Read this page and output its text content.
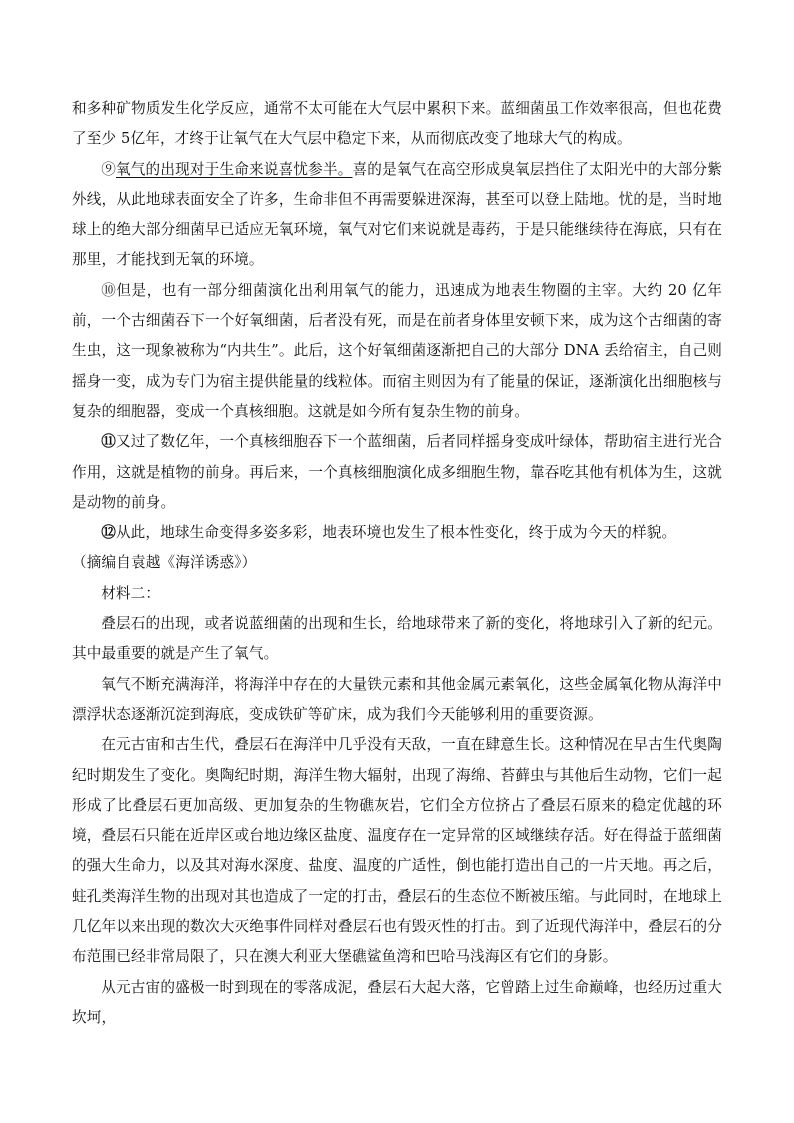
和多种矿物质发生化学反应，通常不太可能在大气层中累积下来。蓝细菌虽工作效率很高，但也花费了至少 5亿年，才终于让氧气在大气层中稳定下来，从而彻底改变了地球大气的构成。

⑨氧气的出现对于生命来说喜忧参半。喜的是氧气在高空形成臭氧层挡住了太阳光中的大部分紫外线，从此地球表面安全了许多，生命非但不再需要躲进深海，甚至可以登上陆地。忧的是，当时地球上的绝大部分细菌早已适应无氧环境，氧气对它们来说就是毒药，于是只能继续待在海底，只有在那里，才能找到无氧的环境。

⑩但是，也有一部分细菌演化出利用氧气的能力，迅速成为地表生物圈的主宰。大约 20 亿年前，一个古细菌吞下一个好氧细菌，后者没有死，而是在前者身体里安顿下来，成为这个古细菌的寄生虫，这一现象被称为“内共生”。此后，这个好氧细菌逐渐把自己的大部分 DNA 丢给宿主，自己则摇身一变，成为专门为宿主提供能量的线粒体。而宿主则因为有了能量的保证，逐渐演化出细胞核与复杂的细胞器，变成一个真核细胞。这就是如今所有复杂生物的前身。

⑪又过了数亿年，一个真核细胞吞下一个蓝细菌，后者同样摇身变成叶绿体，帮助宿主进行光合作用，这就是植物的前身。再后来，一个真核细胞演化成多细胞生物，靠吞吃其他有机体为生，这就是动物的前身。

⑫从此，地球生命变得多姿多彩，地表环境也发生了根本性变化，终于成为今天的样貌。

（摘编自袁越《海洋诱惑》）

材料二：

叠层石的出现，或者说蓝细菌的出现和生长，给地球带来了新的变化，将地球引入了新的纪元。其中最重要的就是产生了氧气。

氧气不断充满海洋，将海洋中存在的大量铁元素和其他金属元素氧化，这些金属氧化物从海洋中漂浮状态逐渐沉淀到海底，变成铁矿等矿床，成为我们今天能够利用的重要资源。

在元古宙和古生代，叠层石在海洋中几乎没有天敌，一直在肆意生长。这种情况在早古生代奥陶纪时期发生了变化。奥陶纪时期，海洋生物大辐射，出现了海绵、苔藓虫与其他后生动物，它们一起形成了比叠层石更加高级、更加复杂的生物礁灰岩，它们全方位挤占了叠层石原来的稳定优越的环境，叠层石只能在近岸区或台地边缘区盐度、温度存在一定异常的区域继续存活。好在得益于蓝细菌的强大生命力，以及其对海水深度、盐度、温度的广适性，倒也能打造出自己的一片天地。再之后，蛀孔类海洋生物的出现对其也造成了一定的打击，叠层石的生态位不断被压缩。与此同时，在地球上几亿年以来出现的数次大灭绝事件同样对叠层石也有毁灭性的打击。到了近现代海洋中，叠层石的分布范围已经非常局限了，只在澳大利亚大堡礁鲨鱼湾和巴哈马浅海区有它们的身影。

从元古宙的盛极一时到现在的零落成泥，叠层石大起大落，它曾踏上过生命巅峰，也经历过重大坎坷，
